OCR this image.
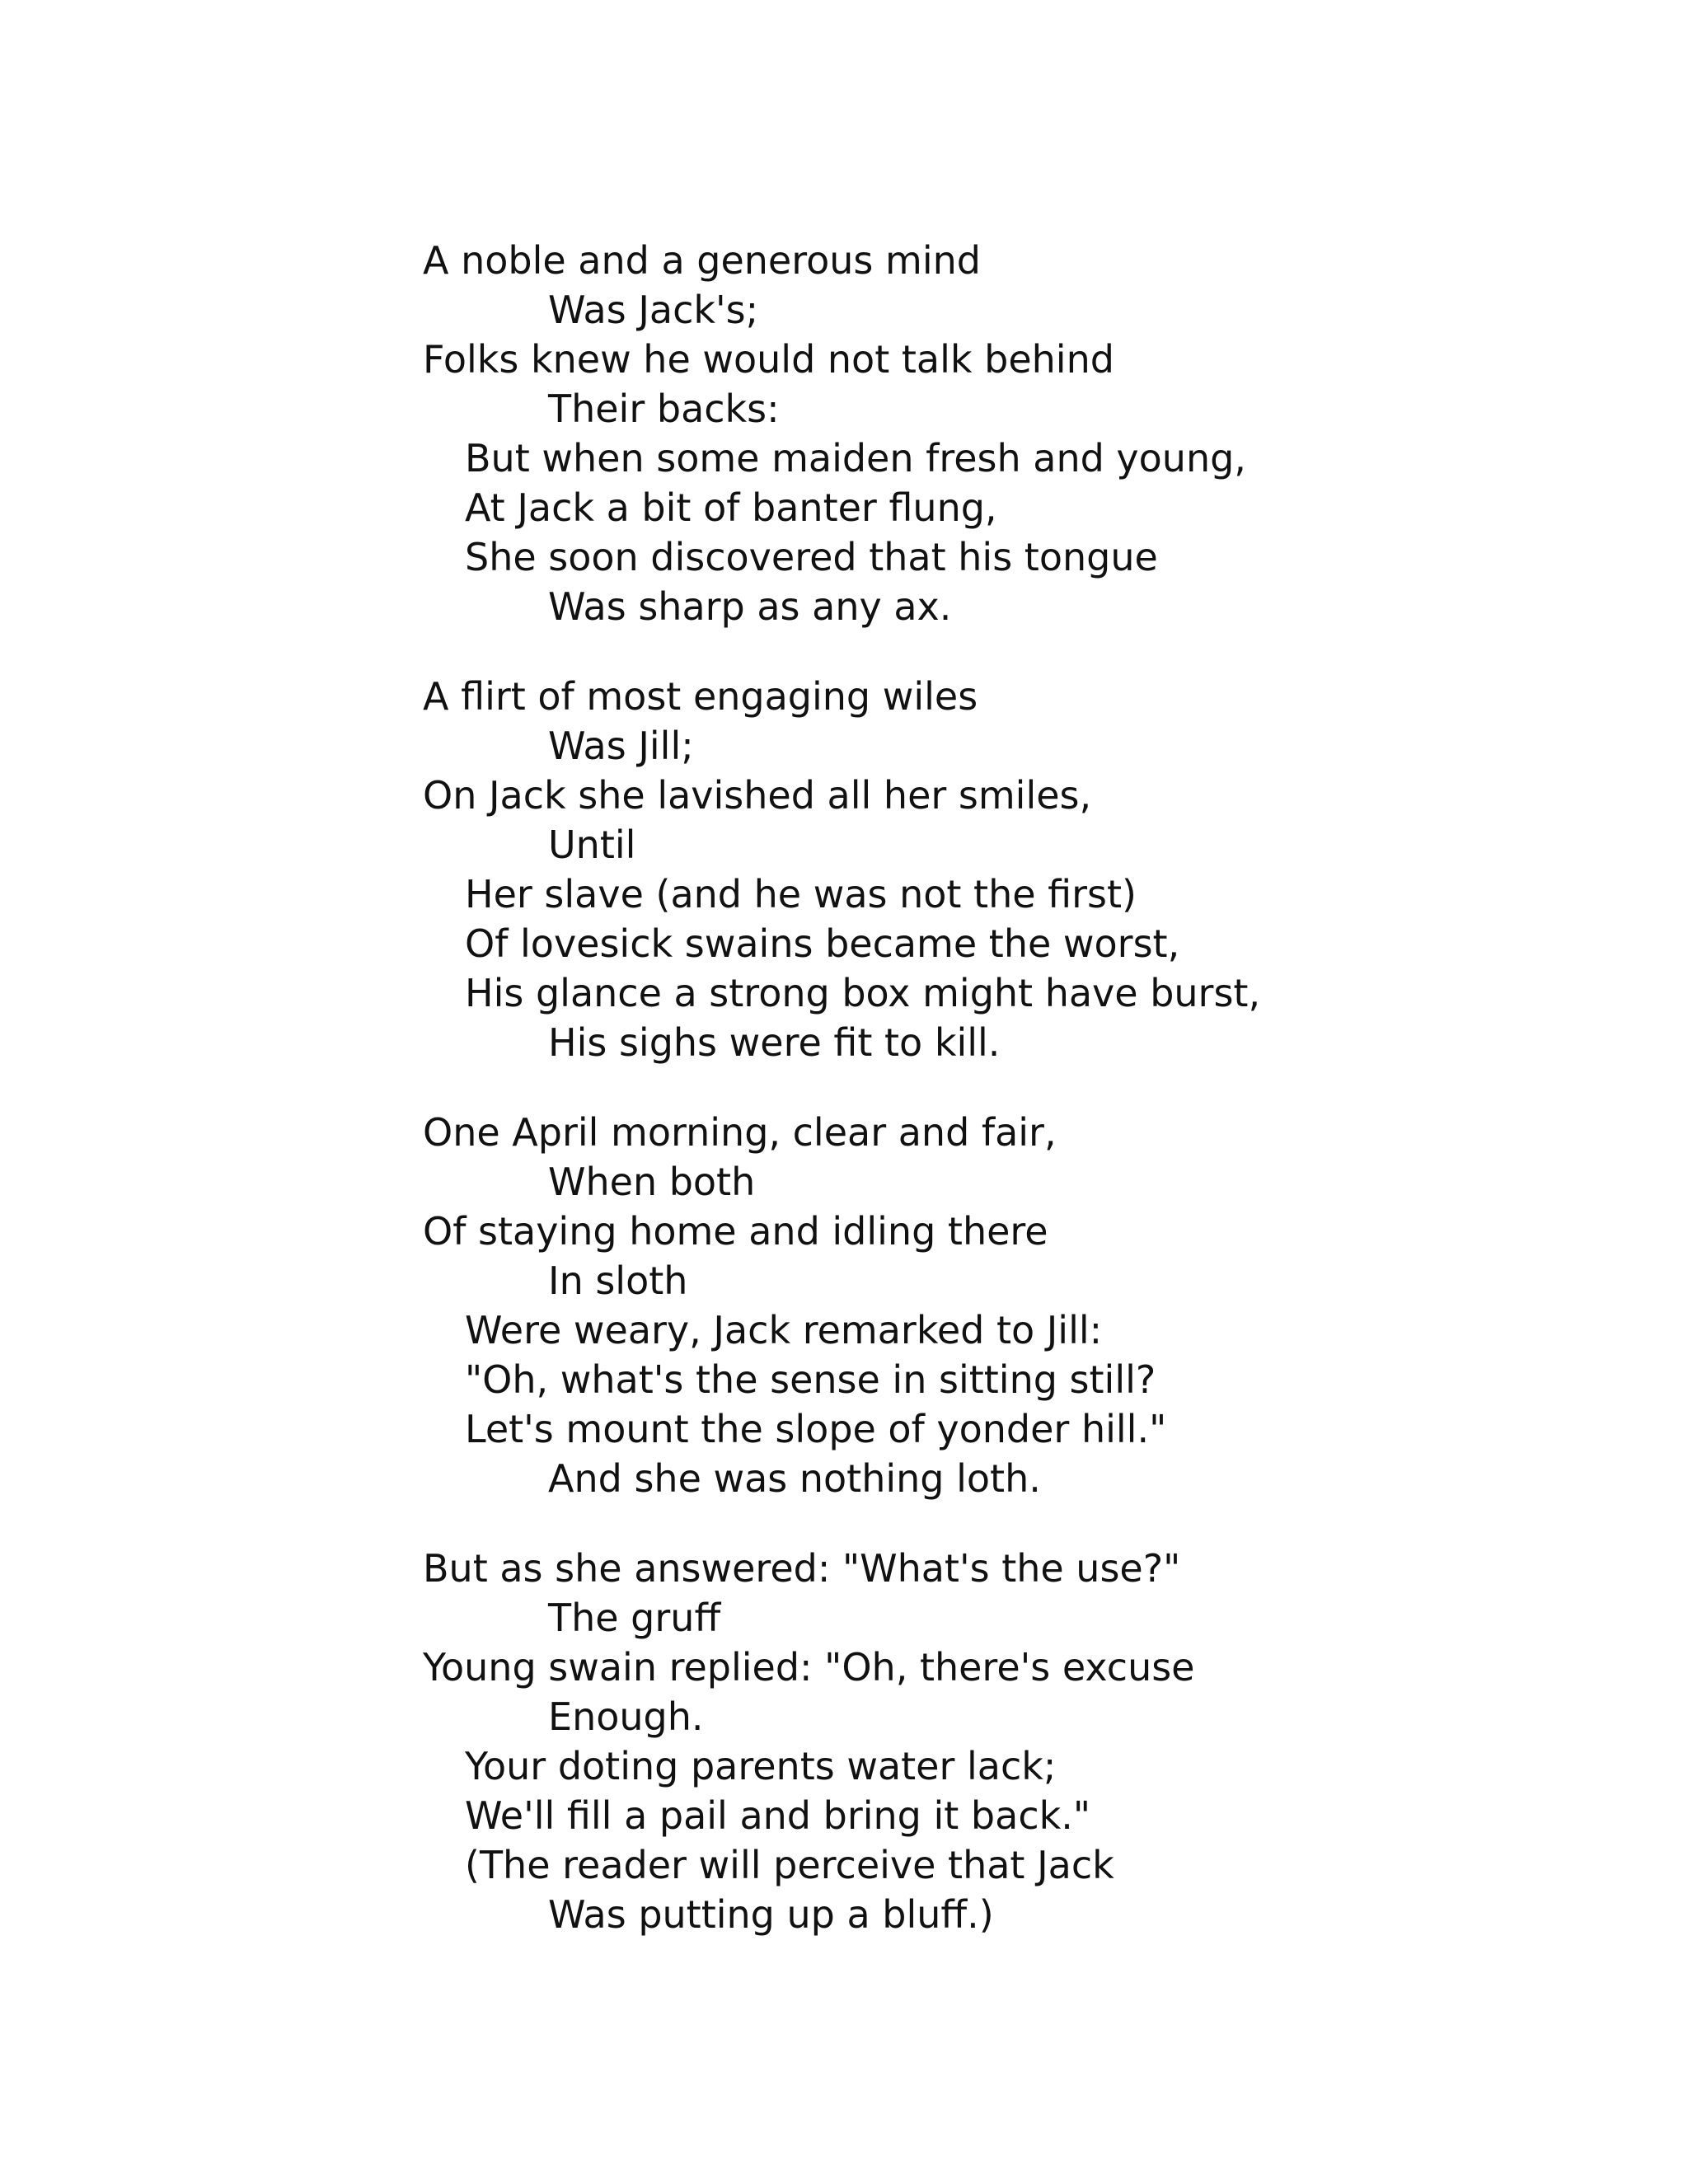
A noble and a generous mind
Was Jack's;
Folks knew he would not talk behind
Their backs:
But when some maiden fresh and young,
At Jack a bit of banter flung,
She soon discovered that his tongue
Was sharp as any ax.
A flirt of most engaging wiles
Was Jill;
On Jack she lavished all her smiles,
Until
Her slave (and he was not the first)
Of lovesick swains became the worst,
His glance a strong box might have burst,
His sighs were fit to kill.
One April morning, clear and fair,
When both
Of staying home and idling there
In sloth
Were weary, Jack remarked to Jill:
"Oh, what's the sense in sitting still?
Let's mount the slope of yonder hill."
And she was nothing loth.
But as she answered: "What's the use?"
The gruff
Young swain replied: "Oh, there's excuse
Enough.
Your doting parents water lack;
We'll fill a pail and bring it back."
(The reader will perceive that Jack
Was putting up a bluff.)
